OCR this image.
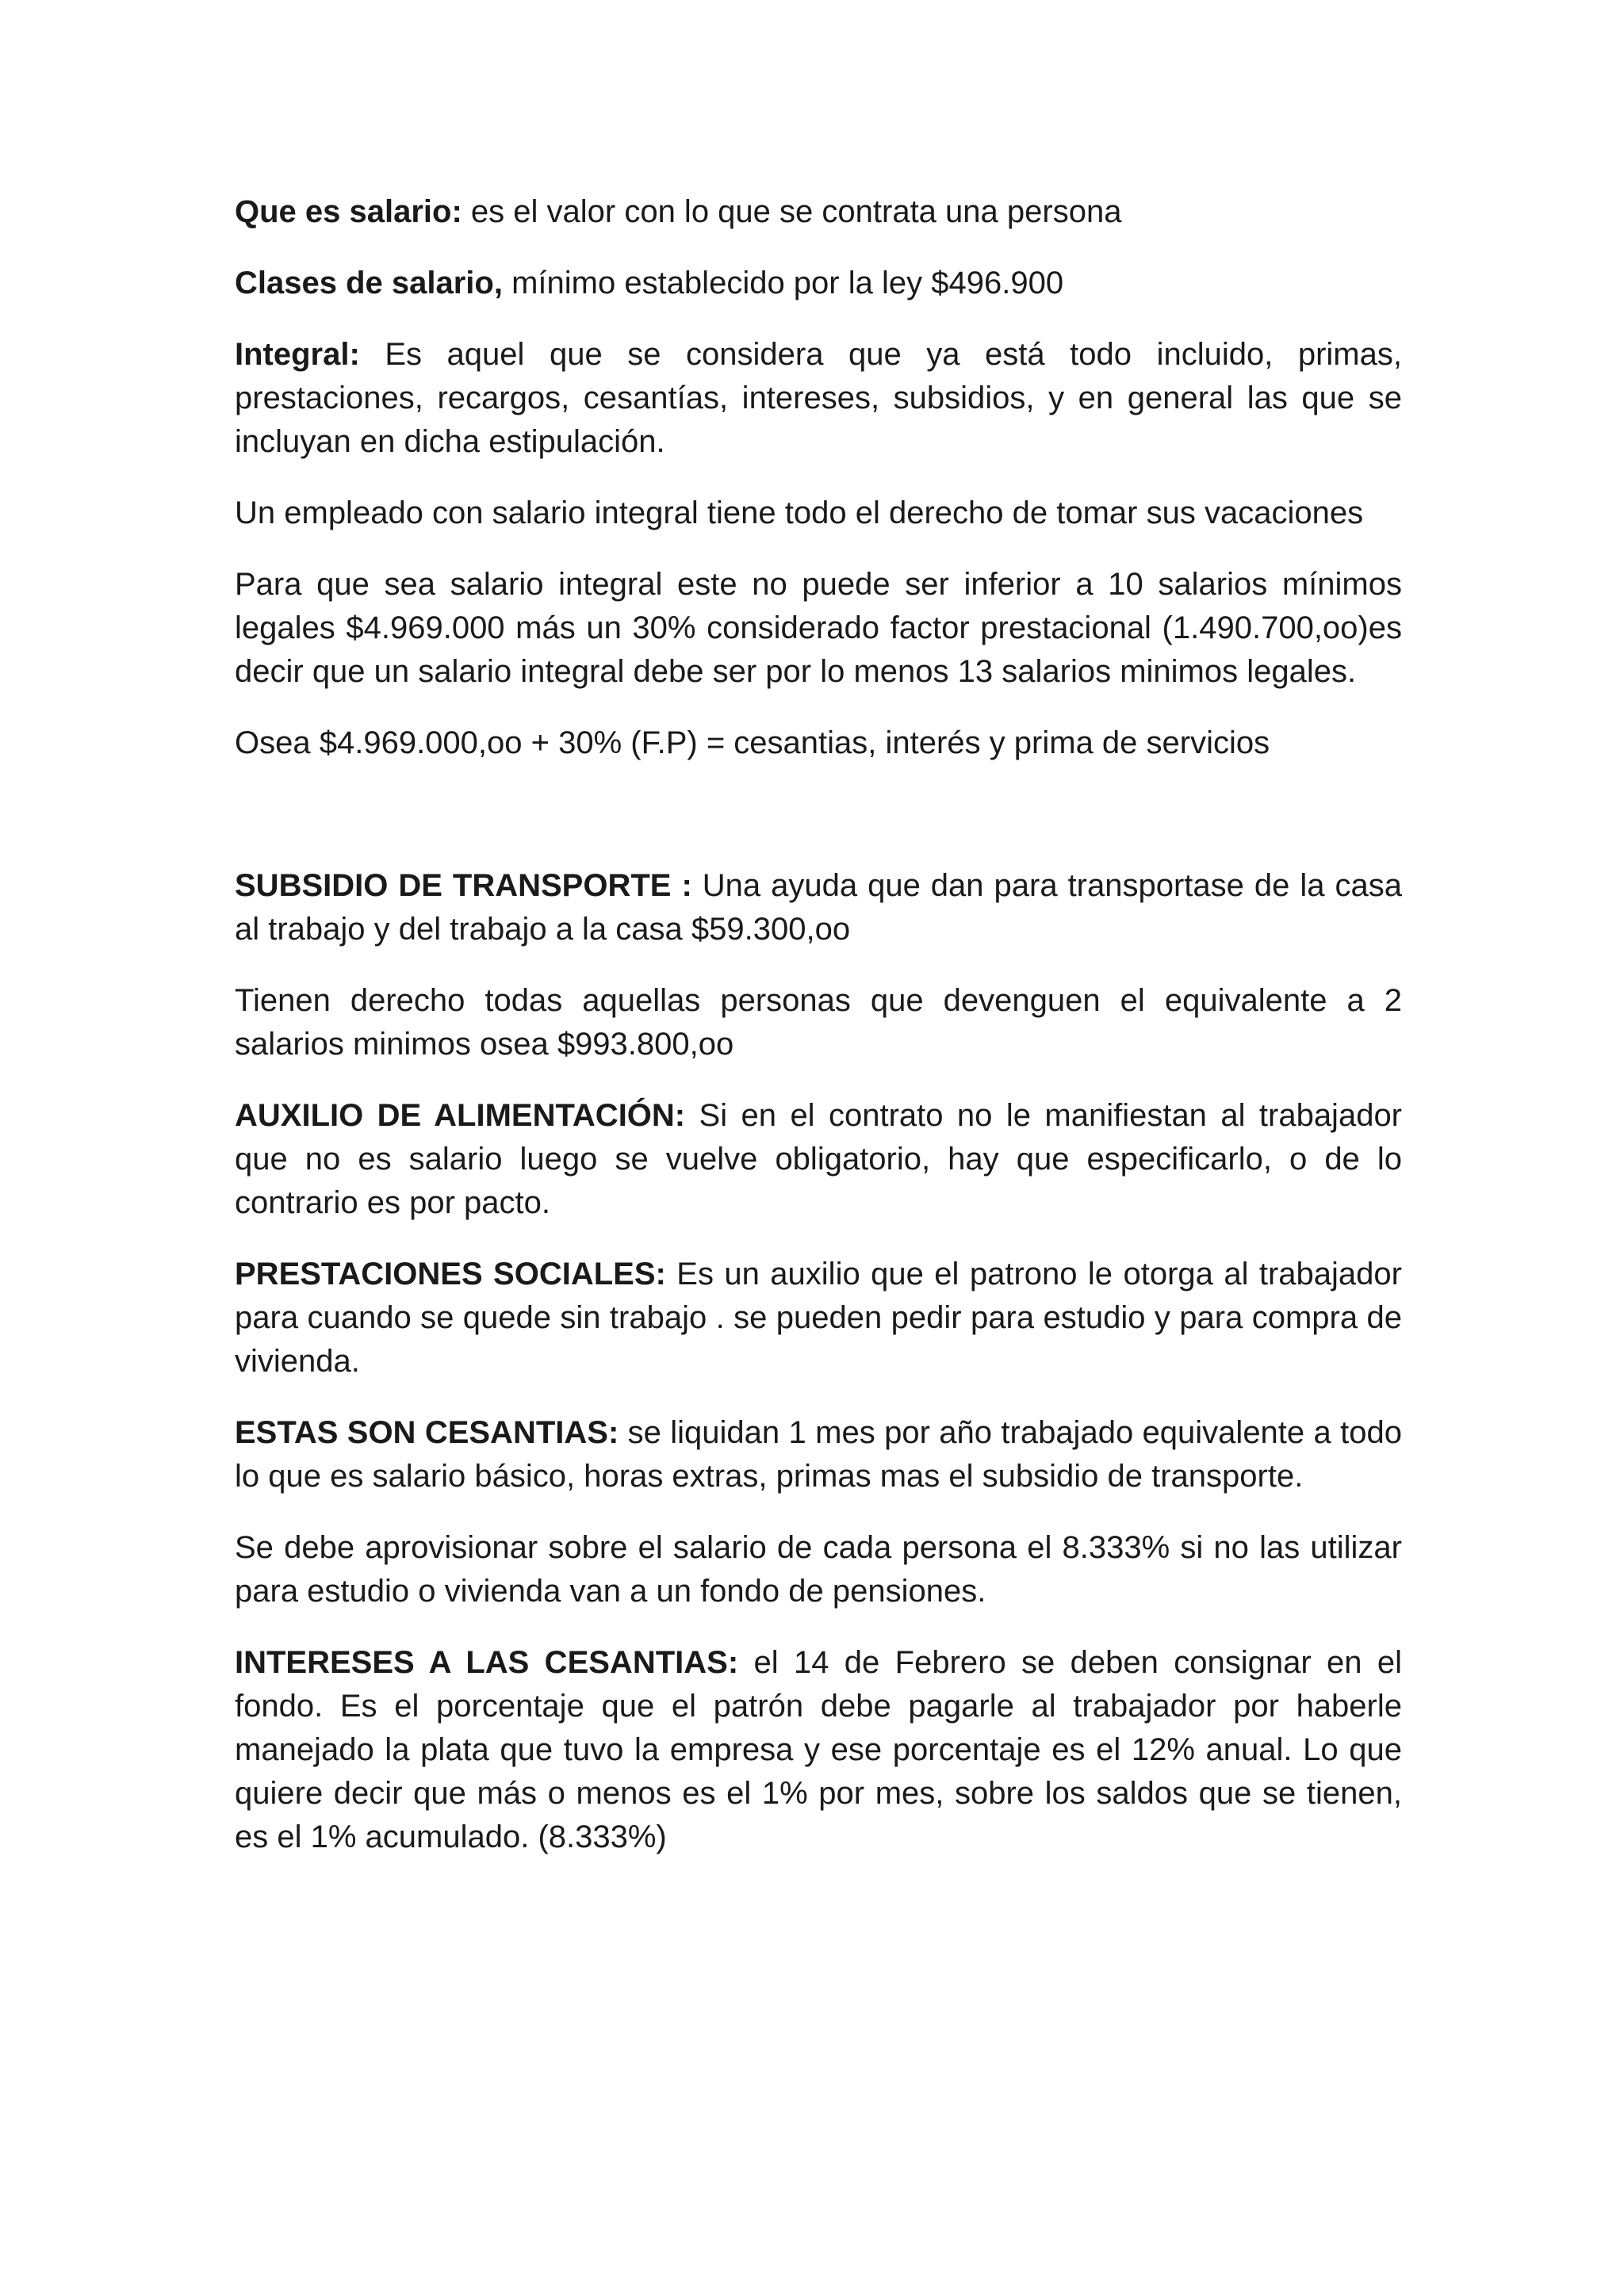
Que es salario: es el valor con lo que se contrata una persona

Clases de salario, mínimo establecido por la ley $496.900

Integral: Es aquel que se considera que ya está todo incluido, primas, prestaciones, recargos, cesantías, intereses, subsidios, y en general las que se incluyan en dicha estipulación.

Un empleado con salario integral tiene todo el derecho de tomar sus vacaciones

Para que sea salario integral este no puede ser inferior a 10 salarios mínimos legales $4.969.000 más un 30% considerado factor prestacional (1.490.700,oo)es decir que un salario integral debe ser por lo menos 13 salarios minimos legales.

Osea $4.969.000,oo + 30% (F.P) = cesantias, interés y prima de servicios

SUBSIDIO DE TRANSPORTE : Una ayuda que dan para transportase de la casa al trabajo y del trabajo a la casa $59.300,oo

Tienen derecho todas aquellas personas que devenguen el equivalente a 2 salarios minimos osea $993.800,oo

AUXILIO DE ALIMENTACIÓN: Si en el contrato no le manifiestan al trabajador que no es salario luego se vuelve obligatorio, hay que especificarlo, o de lo contrario es por pacto.

PRESTACIONES SOCIALES: Es un auxilio que el patrono le otorga al trabajador para cuando se quede sin trabajo . se pueden pedir para estudio y para compra de vivienda.

ESTAS SON CESANTIAS: se liquidan 1 mes por año trabajado equivalente a todo lo que es salario básico, horas extras, primas mas el subsidio de transporte.

Se debe aprovisionar sobre el salario de cada persona el 8.333% si no las utilizar para estudio o vivienda van a un fondo de pensiones.

INTERESES A LAS CESANTIAS: el 14 de Febrero se deben consignar en el fondo. Es el porcentaje que el patrón debe pagarle al trabajador por haberle manejado la plata que tuvo la empresa y ese porcentaje es el 12% anual. Lo que quiere decir que más o menos es el 1% por mes, sobre los saldos que se tienen, es el 1% acumulado. (8.333%)
